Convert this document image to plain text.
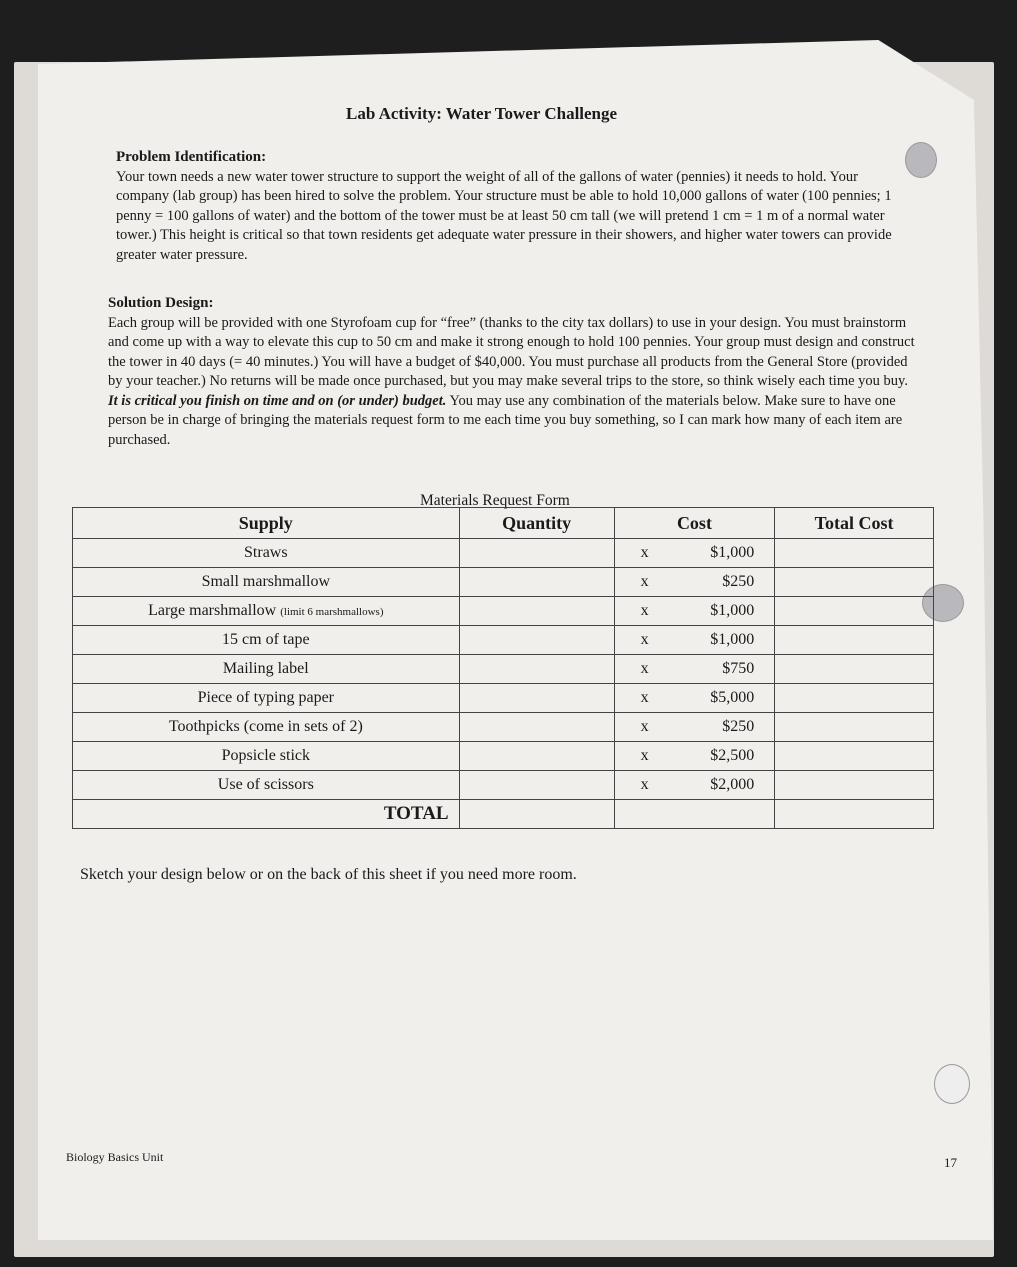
Lab Activity: Water Tower Challenge
Problem Identification:
Your town needs a new water tower structure to support the weight of all of the gallons of water (pennies) it needs to hold. Your company (lab group) has been hired to solve the problem. Your structure must be able to hold 10,000 gallons of water (100 pennies; 1 penny = 100 gallons of water) and the bottom of the tower must be at least 50 cm tall (we will pretend 1 cm = 1 m of a normal water tower.) This height is critical so that town residents get adequate water pressure in their showers, and higher water towers can provide greater water pressure.
Solution Design:
Each group will be provided with one Styrofoam cup for “free” (thanks to the city tax dollars) to use in your design. You must brainstorm and come up with a way to elevate this cup to 50 cm and make it strong enough to hold 100 pennies. Your group must design and construct the tower in 40 days (= 40 minutes.) You will have a budget of $40,000. You must purchase all products from the General Store (provided by your teacher.) No returns will be made once purchased, but you may make several trips to the store, so think wisely each time you buy. It is critical you finish on time and on (or under) budget. You may use any combination of the materials below. Make sure to have one person be in charge of bringing the materials request form to me each time you buy something, so I can mark how many of each item are purchased.
Materials Request Form
Supply	Quantity	Cost	Total Cost
Straws		x $1,000	

Small marshmallow		x $250	

Large marshmallow (limit 6 marshmallows)		x $1,000	

15 cm of tape		x $1,000	

Mailing label		x $750	

Piece of typing paper		x $5,000	

Toothpicks (come in sets of 2)		x $250	

Popsicle stick		x $2,500	

Use of scissors		x $2,000	

TOTAL			
Sketch your design below or on the back of this sheet if you need more room.
Biology Basics Unit	17
